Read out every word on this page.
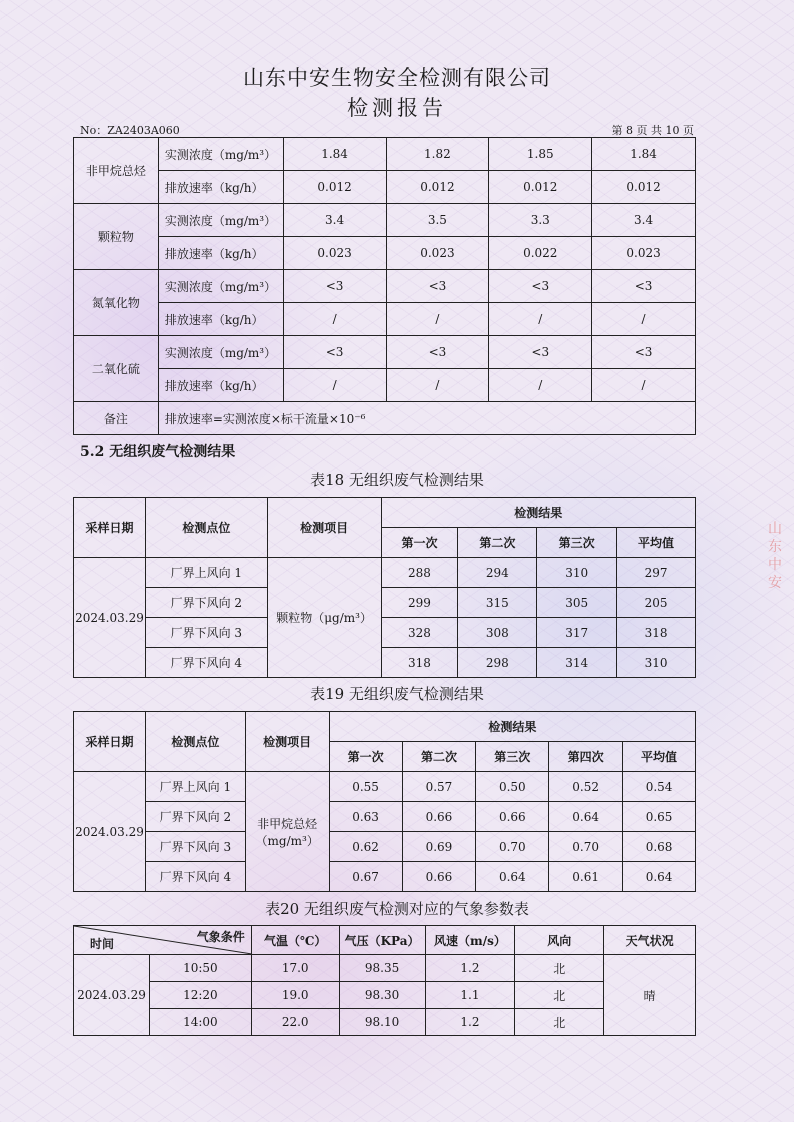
山东中安生物安全检测有限公司
检测报告
No：ZA2403A060	第 8 页 共 10 页
非甲烷总烃	实测浓度（mg/m³）	1.84	1.82	1.85	1.84
	排放速率（kg/h）	0.012	0.012	0.012	0.012
颗粒物	实测浓度（mg/m³）	3.4	3.5	3.3	3.4
	排放速率（kg/h）	0.023	0.023	0.022	0.023
氮氧化物	实测浓度（mg/m³）	<3	<3	<3	<3
	排放速率（kg/h）	/	/	/	/
二氧化硫	实测浓度（mg/m³）	<3	<3	<3	<3
	排放速率（kg/h）	/	/	/	/
备注	排放速率=实测浓度×标干流量×10⁻⁶				
5.2 无组织废气检测结果
表18 无组织废气检测结果
采样日期	检测点位	检测项目	检测结果			
			第一次	第二次	第三次	平均值
2024.03.29	厂界上风向 1	颗粒物（μg/m³）	288	294	310	297
	厂界下风向 2		299	315	305	205
	厂界下风向 3		328	308	317	318
	厂界下风向 4		318	298	314	310
表19 无组织废气检测结果
采样日期	检测点位	检测项目	检测结果				
			第一次	第二次	第三次	第四次	平均值
2024.03.29	厂界上风向 1	非甲烷总烃
（mg/m³）	0.55	0.57	0.50	0.52	0.54
	厂界下风向 2		0.63	0.66	0.66	0.64	0.65
	厂界下风向 3		0.62	0.69	0.70	0.70	0.68
	厂界下风向 4		0.67	0.66	0.64	0.61	0.64
表20 无组织废气检测对应的气象参数表
气象条件
时间		气温（℃）	气压（KPa）	风速（m/s）	风向	天气状况
2024.03.29	10:50	17.0	98.35	1.2	北	晴
	12:20	19.0	98.30	1.1	北	
	14:00	22.0	98.10	1.2	北	
山东中安
